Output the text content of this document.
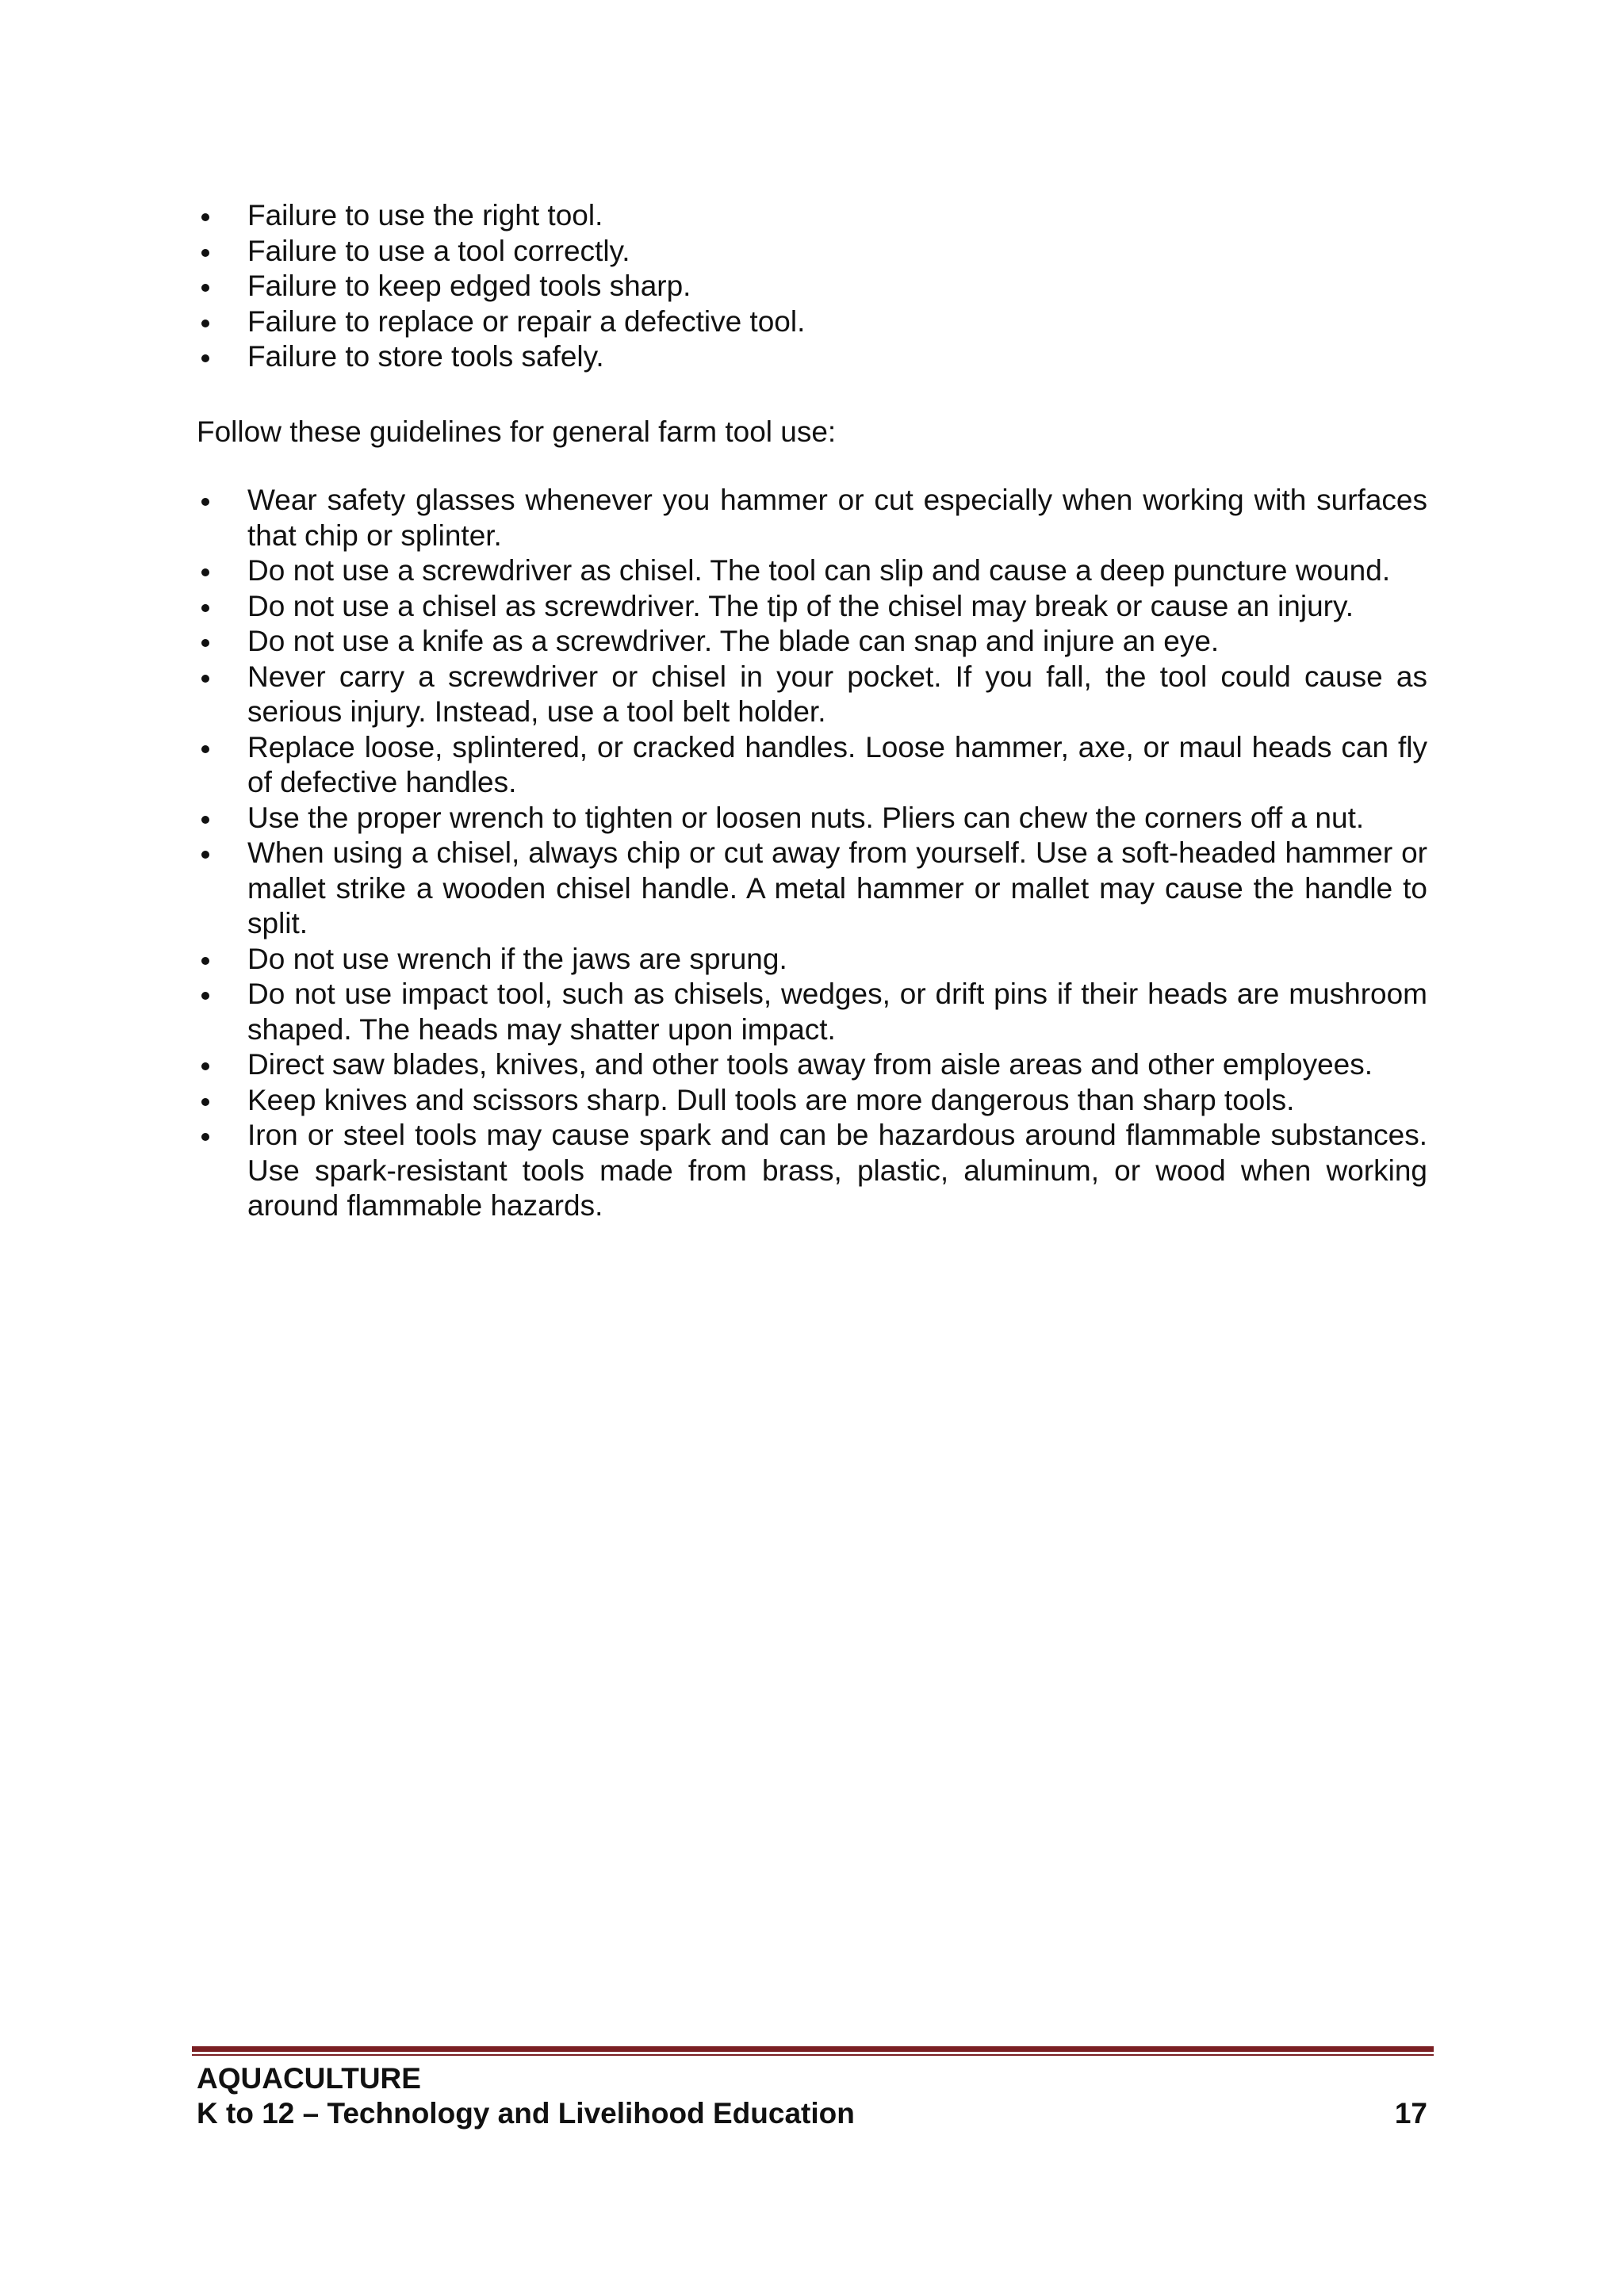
Failure to use the right tool.
Failure to use a tool correctly.
Failure to keep edged tools sharp.
Failure to replace or repair a defective tool.
Failure to store tools safely.

Follow these guidelines for general farm tool use:

Wear safety glasses whenever you hammer or cut especially when working with surfaces that chip or splinter.
Do not use a screwdriver as chisel. The tool can slip and cause a deep puncture wound.
Do not use a chisel as screwdriver. The tip of the chisel may break or cause an injury.
Do not use a knife as a screwdriver. The blade can snap and injure an eye.
Never carry a screwdriver or chisel in your pocket. If you fall, the tool could cause as serious injury. Instead, use a tool belt holder.
Replace loose, splintered, or cracked handles. Loose hammer, axe, or maul heads can fly of defective handles.
Use the proper wrench to tighten or loosen nuts. Pliers can chew the corners off a nut.
When using a chisel, always chip or cut away from yourself. Use a soft-headed hammer or mallet strike a wooden chisel handle. A metal hammer or mallet may cause the handle to split.
Do not use wrench if the jaws are sprung.
Do not use impact tool, such as chisels, wedges, or drift pins if their heads are mushroom shaped. The heads may shatter upon impact.
Direct saw blades, knives, and other tools away from aisle areas and other employees.
Keep knives and scissors sharp. Dull tools are more dangerous than sharp tools.
Iron or steel tools may cause spark and can be hazardous around flammable substances. Use spark-resistant tools made from brass, plastic, aluminum, or wood when working around flammable hazards.
AQUACULTURE
K to 12 – Technology and Livelihood Education	17
